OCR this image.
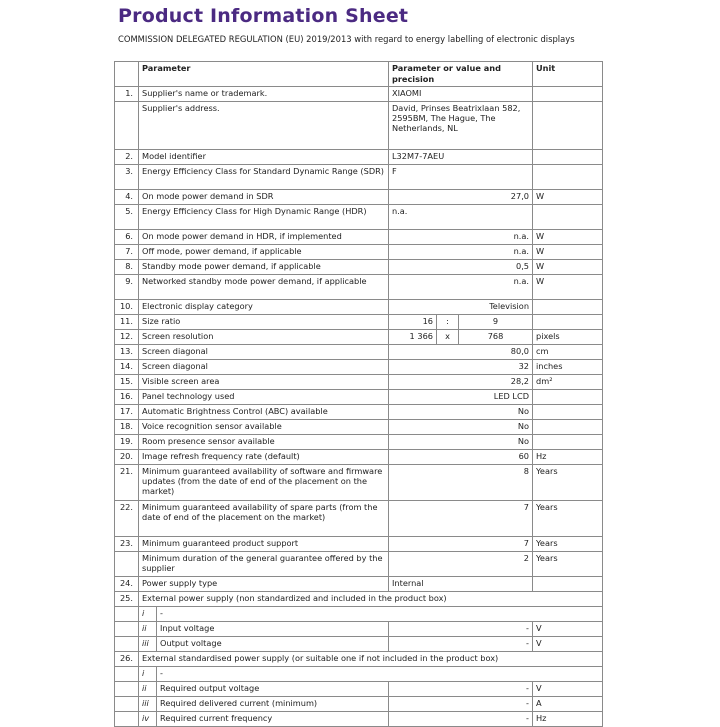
Product Information Sheet
COMMISSION DELEGATED REGULATION (EU) 2019/2013 with regard to energy labelling of electronic displays
	Parameter		Parameter or value and precision			Unit
1.	Supplier's name or trademark.		XIAOMI			
	Supplier's address.		David, Prinses Beatrixlaan 582, 2595BM, The Hague, The Netherlands, NL			
2.	Model identifier		L32M7-7AEU			
3.	Energy Efficiency Class for Standard Dynamic Range (SDR)		F			
4.	On mode power demand in SDR		27,0			W
5.	Energy Efficiency Class for High Dynamic Range (HDR)		n.a.			
6.	On mode power demand in HDR, if implemented		n.a.			W
7.	Off mode, power demand, if applicable		n.a.			W
8.	Standby mode power demand, if applicable		0,5			W
9.	Networked standby mode power demand, if applicable		n.a.			W
10.	Electronic display category		Television			
11.	Size ratio		16	:	9	
12.	Screen resolution		1 366	x	768	pixels
13.	Screen diagonal		80,0			cm
14.	Screen diagonal		32			inches
15.	Visible screen area		28,2			dm²
16.	Panel technology used		LED LCD			
17.	Automatic Brightness Control (ABC) available		No			
18.	Voice recognition sensor available		No			
19.	Room presence sensor available		No			
20.	Image refresh frequency rate (default)		60			Hz
21.	Minimum guaranteed availability of software and firmware updates (from the date of end of the placement on the market)		8			Years
22.	Minimum guaranteed availability of spare parts (from the date of end of the placement on the market)		7			Years
23.	Minimum guaranteed product support		7			Years
	Minimum duration of the general guarantee offered by the supplier		2			Years
24.	Power supply type		Internal			
25.	External power supply (non standardized and included in the product box)					
	i	-				
	ii	Input voltage	-			V
	iii	Output voltage	-			V
26.	External standardised power supply (or suitable one if not included in the product box)					
	i	-				
	ii	Required output voltage	-			V
	iii	Required delivered current (minimum)	-			A
	iv	Required current frequency	-			Hz
